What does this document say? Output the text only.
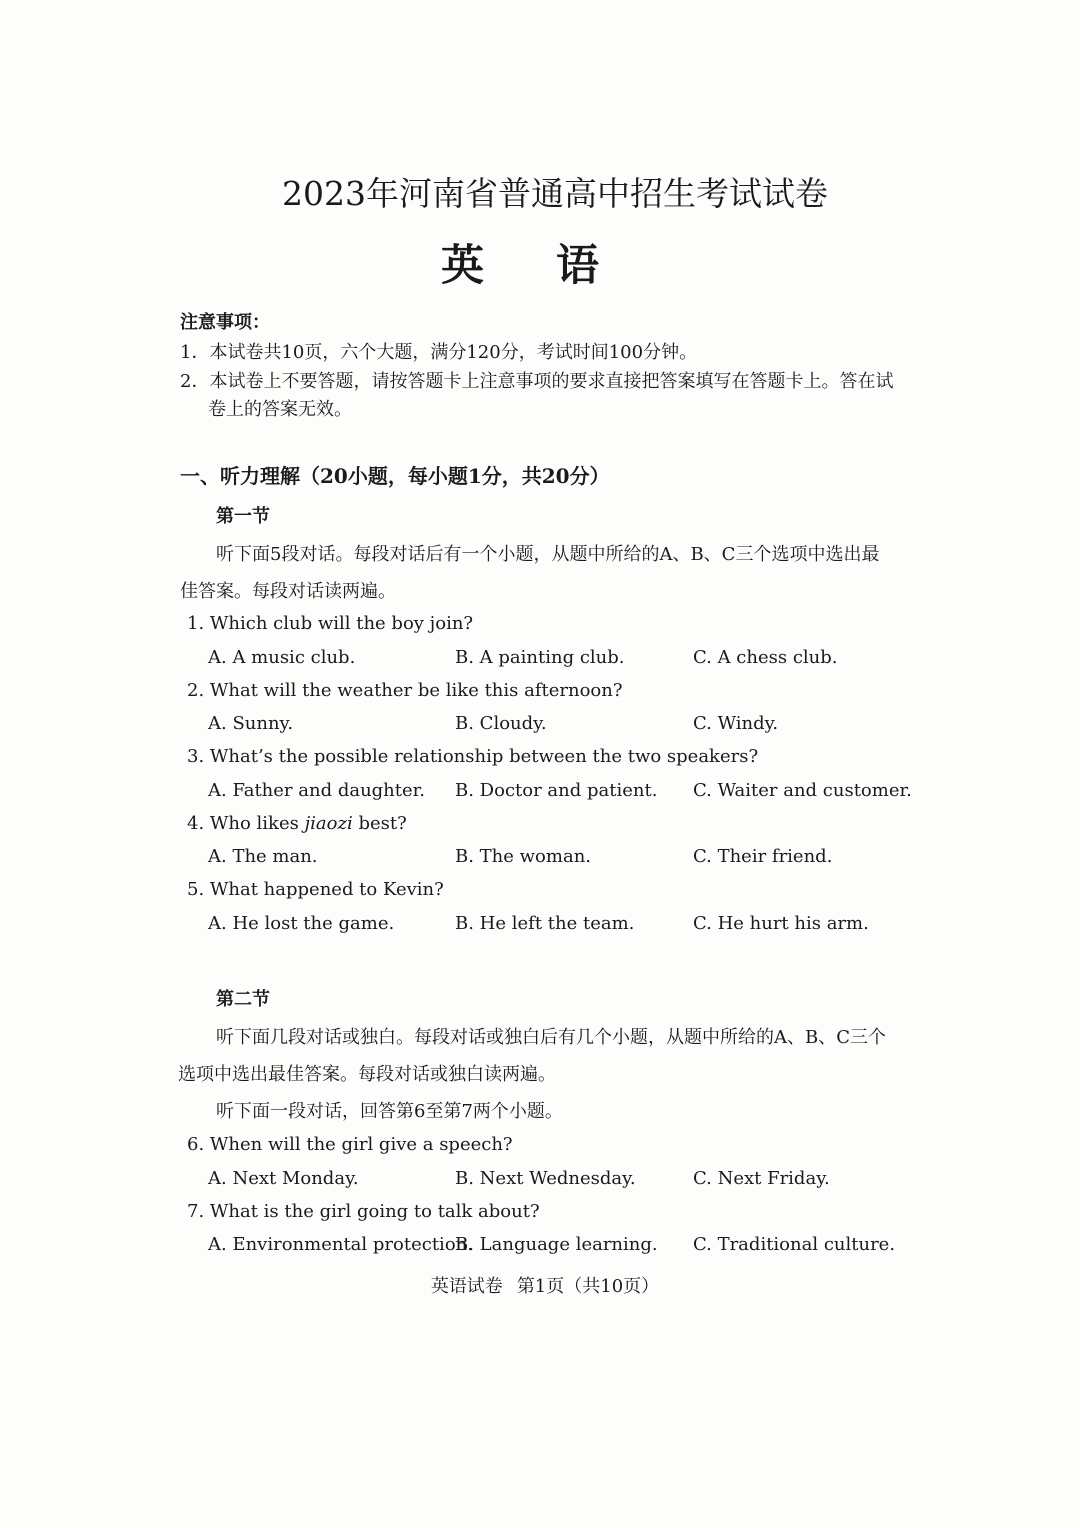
2023年河南省普通高中招生考试试卷
英语
注意事项：
1．本试卷共10页，六个大题，满分120分，考试时间100分钟。
2．本试卷上不要答题，请按答题卡上注意事项的要求直接把答案填写在答题卡上。答在试
卷上的答案无效。
一、听力理解（20小题，每小题1分，共20分）
第一节
听下面5段对话。每段对话后有一个小题，从题中所给的A、B、C三个选项中选出最
佳答案。每段对话读两遍。
1. Which club will the boy join?
A. A music club.	B. A painting club.	C. A chess club.
2. What will the weather be like this afternoon?
A. Sunny.	B. Cloudy.	C. Windy.
3. What’s the possible relationship between the two speakers?
A. Father and daughter. B. Doctor and patient. C. Waiter and customer.
4. Who likes jiaozi best?
A. The man.	B. The woman.	C. Their friend.
5. What happened to Kevin?
A. He lost the game.	B. He left the team.	C. He hurt his arm.
第二节
听下面几段对话或独白。每段对话或独白后有几个小题，从题中所给的A、B、C三个
选项中选出最佳答案。每段对话或独白读两遍。
听下面一段对话，回答第6至第7两个小题。
6. When will the girl give a speech?
A. Next Monday.	B. Next Wednesday.	C. Next Friday.
7. What is the girl going to talk about?
A. Environmental protection.
B. Language learning. C. Traditional culture.
英语试卷 第1页（共10页）
